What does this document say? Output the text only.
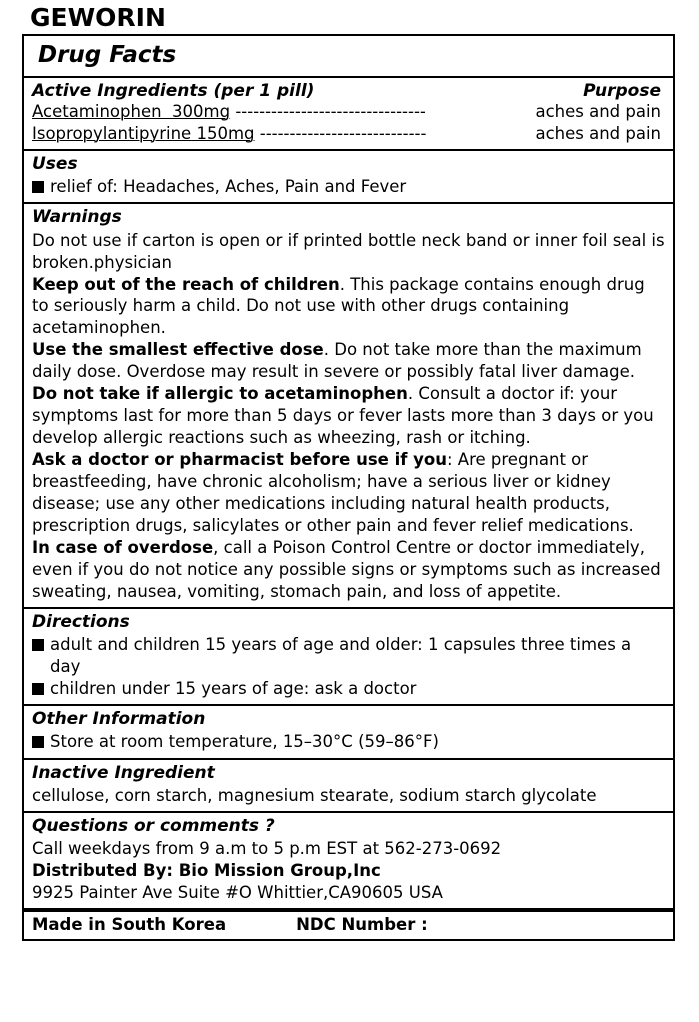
GEWORIN
Drug Facts
Active Ingredients (per 1 pill)	Purpose
Acetaminophen  300mg --------------------------------	aches and pain
Isopropylantipyrine 150mg ----------------------------	aches and pain
Uses
relief of: Headaches, Aches, Pain and Fever
Warnings

Do not use if carton is open or if printed bottle neck band or inner foil seal is broken.physician

Keep out of the reach of children. This package contains enough drug to seriously harm a child. Do not use with other drugs containing acetaminophen.

Use the smallest effective dose. Do not take more than the maximum daily dose. Overdose may result in severe or possibly fatal liver damage.

Do not take if allergic to acetaminophen. Consult a doctor if: your symptoms last for more than 5 days or fever lasts more than 3 days or you develop allergic reactions such as wheezing, rash or itching.

Ask a doctor or pharmacist before use if you: Are pregnant or breastfeeding, have chronic alcoholism; have a serious liver or kidney disease; use any other medications including natural health products, prescription drugs, salicylates or other pain and fever relief medications.

In case of overdose, call a Poison Control Centre or doctor immediately, even if you do not notice any possible signs or symptoms such as increased sweating, nausea, vomiting, stomach pain, and loss of appetite.

Directions
adult and children 15 years of age and older: 1 capsules three times a day
children under 15 years of age: ask a doctor
Other Information
Store at room temperature, 15–30°C (59–86°F)
Inactive Ingredient
cellulose, corn starch, magnesium stearate, sodium starch glycolate
Questions or comments ?
Call weekdays from 9 a.m to 5 p.m EST at 562-273-0692
Distributed By: Bio Mission Group,Inc
9925 Painter Ave Suite #O Whittier,CA90605 USA
Made in South Korea	NDC Number :
